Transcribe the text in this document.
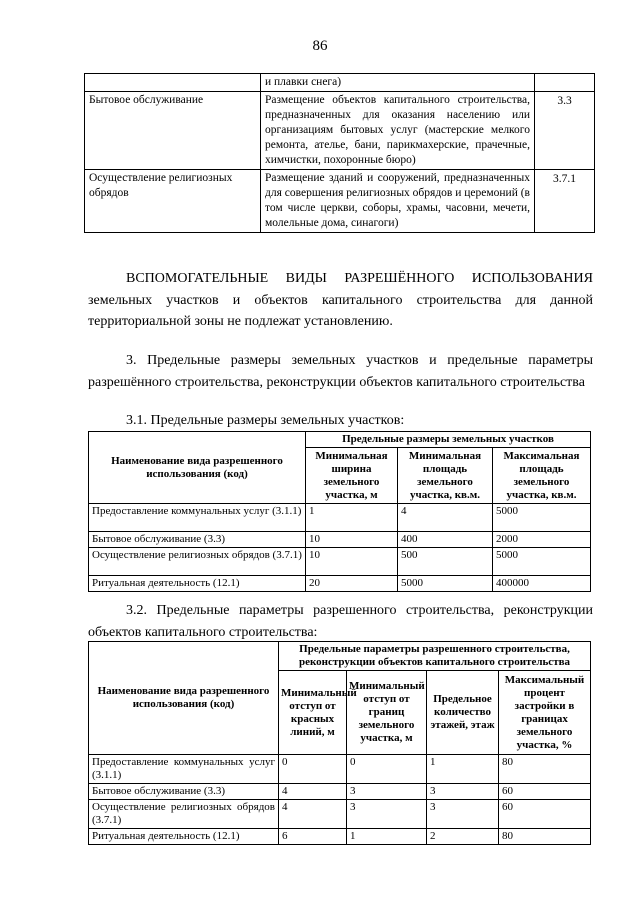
86
	и плавки снега)	
Бытовое обслуживание	Размещение объектов капитального строительства, предназначенных для оказания населению или организациям бытовых услуг (мастерские мелкого ремонта, ателье, бани, парикмахерские, прачечные, химчистки, похоронные бюро)	3.3
Осуществление религиозных обрядов	Размещение зданий и сооружений, предназначенных для совершения религиозных обрядов и церемоний (в том числе церкви, соборы, храмы, часовни, мечети, молельные дома, синагоги)	3.7.1
ВСПОМОГАТЕЛЬНЫЕ ВИДЫ РАЗРЕШЁННОГО ИСПОЛЬЗОВАНИЯ земельных участков и объектов капитального строительства для данной территориальной зоны не подлежат установлению.
3. Предельные размеры земельных участков и предельные параметры разрешённого строительства, реконструкции объектов капитального строительства
3.1. Предельные размеры земельных участков:
Наименование вида разрешенного использования (код)	Предельные размеры земельных участков		
	Минимальная ширина земельного участка, м	Минимальная площадь земельного участка, кв.м.	Максимальная площадь земельного участка, кв.м.
Предоставление коммунальных услуг (3.1.1)	1	4	5000
Бытовое обслуживание (3.3)	10	400	2000
Осуществление религиозных обрядов (3.7.1)	10	500	5000
Ритуальная деятельность (12.1)	20	5000	400000
3.2. Предельные параметры разрешенного строительства, реконструкции объектов капитального строительства:
Наименование вида разрешенного использования (код)	Предельные параметры разрешенного строительства, реконструкции объектов капитального строительства			
	Минимальный отступ от красных линий, м	Минимальный отступ от границ земельного участка, м	Предельное количество этажей, этаж	Максимальный процент застройки в границах земельного участка, %
Предоставление коммунальных услуг (3.1.1)	0	0	1	80
Бытовое обслуживание (3.3)	4	3	3	60
Осуществление религиозных обрядов (3.7.1)	4	3	3	60
Ритуальная деятельность (12.1)	6	1	2	80
